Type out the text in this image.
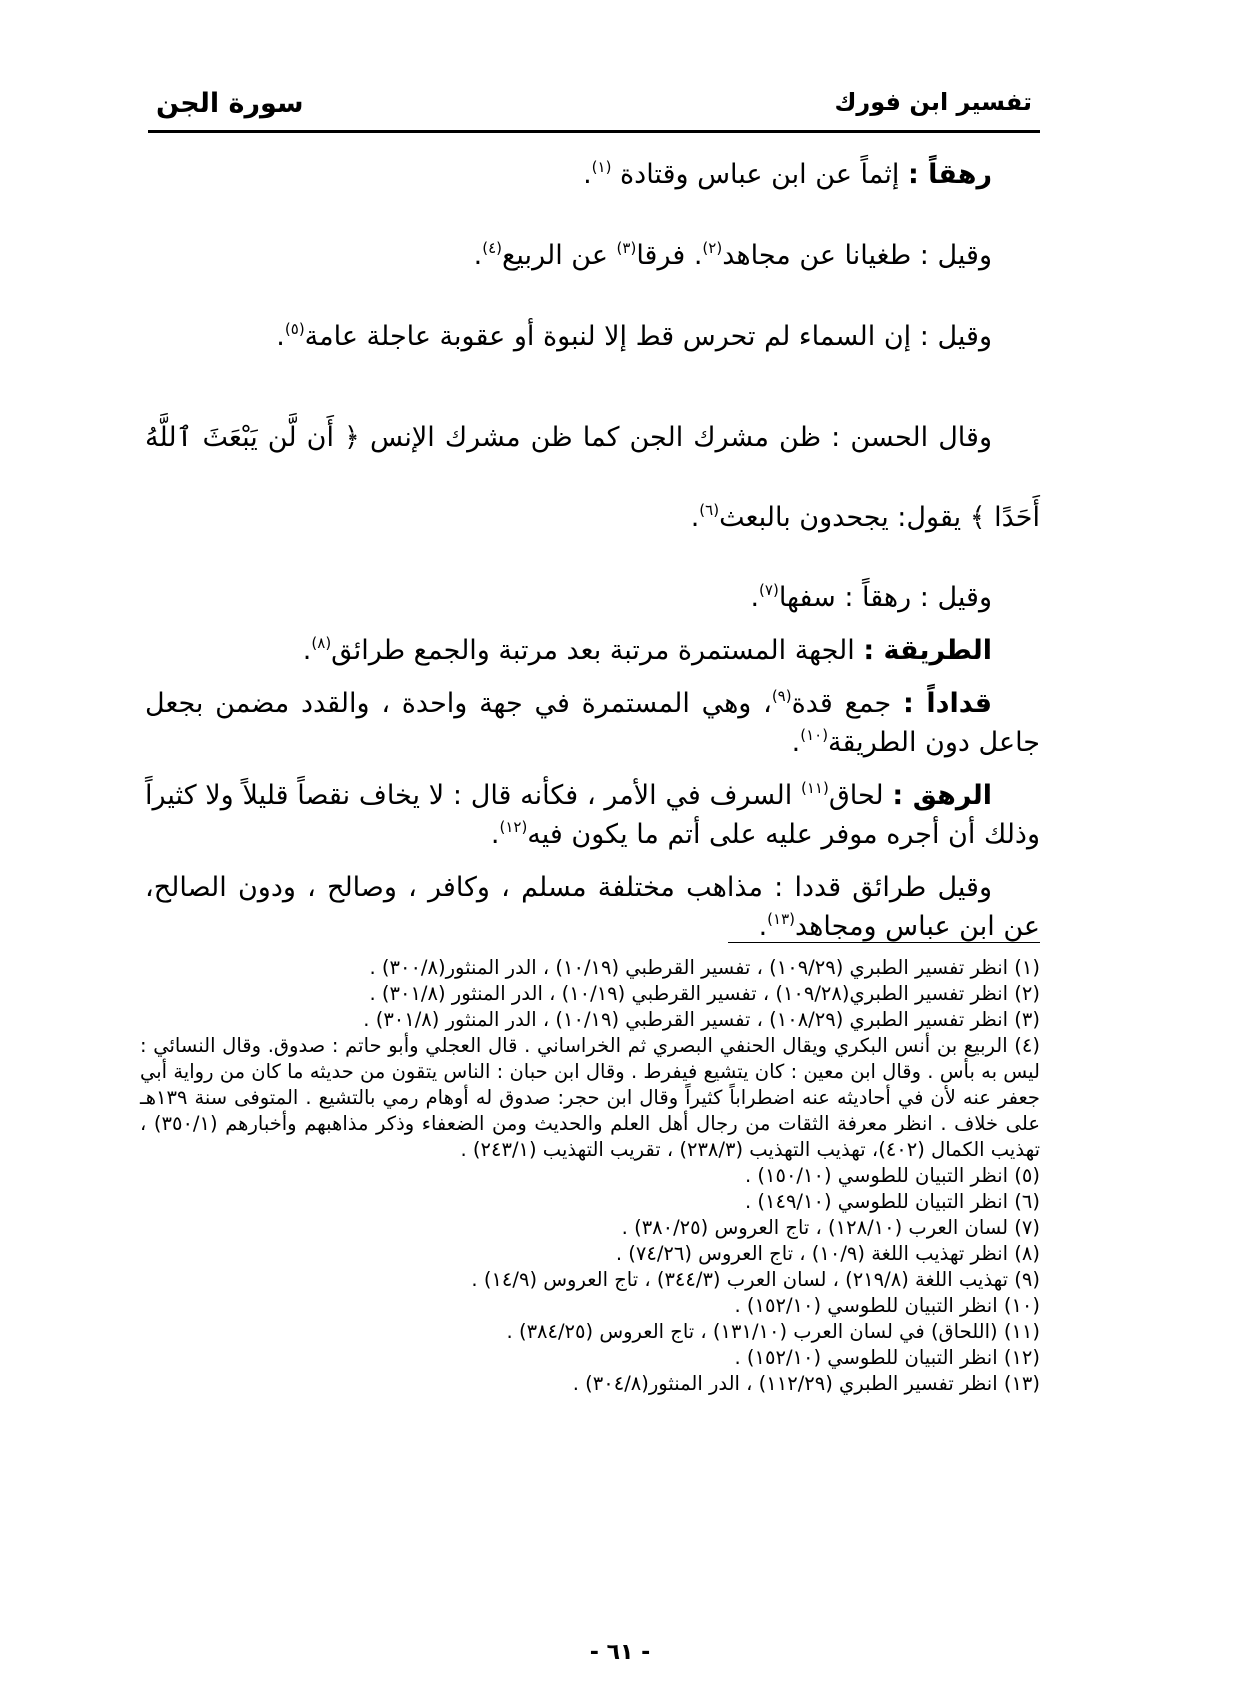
تفسير ابن فورك
سورة الجن

رهقاً : إثماً عن ابن عباس وقتادة $^{(١)}$.

وقيل : طغيانا عن مجاهد$^{(٢)}$. فرقا$^{(٣)}$ عن الربيع$^{(٤)}$.

وقيل : إن السماء لم تحرس قط إلا لنبوة أو عقوبة عاجلة عامة$^{(٥)}$.

وقال الحسن : ظن مشرك الجن كما ظن مشرك الإنس ﴿ أَن لَّن يَبْعَثَ ٱللَّهُ أَحَدًا ﴾ يقول: يجحدون بالبعث$^{(٦)}$.

وقيل : رهقاً : سفها$^{(٧)}$.

الطريقة : الجهة المستمرة مرتبة بعد مرتبة والجمع طرائق$^{(٨)}$.

قداداً : جمع قدة$^{(٩)}$، وهي المستمرة في جهة واحدة ، والقدد مضمن بجعل جاعل دون الطريقة$^{(١٠)}$.

الرهق : لحاق$^{(١١)}$ السرف في الأمر ، فكأنه قال : لا يخاف نقصاً قليلاً ولا كثيراً وذلك أن أجره موفر عليه على أتم ما يكون فيه$^{(١٢)}$.

وقيل طرائق قددا : مذاهب مختلفة مسلم ، وكافر ، وصالح ، ودون الصالح، عن ابن عباس ومجاهد$^{(١٣)}$.

(١) انظر تفسير الطبري (١٠٩/٢٩) ، تفسير القرطبي (١٠/١٩) ، الدر المنثور(٣٠٠/٨) .
(٢) انظر تفسير الطبري(١٠٩/٢٨) ، تفسير القرطبي (١٠/١٩) ، الدر المنثور (٣٠١/٨) .
(٣) انظر تفسير الطبري (١٠٨/٢٩) ، تفسير القرطبي (١٠/١٩) ، الدر المنثور (٣٠١/٨) .
(٤) الربيع بن أنس البكري ويقال الحنفي البصري ثم الخراساني . قال العجلي وأبو حاتم : صدوق. وقال النسائي : ليس به بأس . وقال ابن معين : كان يتشيع فيفرط . وقال ابن حبان : الناس يتقون من حديثه ما كان من رواية أبي جعفر عنه لأن في أحاديثه عنه اضطراباً كثيراً وقال ابن حجر: صدوق له أوهام رمي بالتشيع . المتوفى سنة ١٣٩هـ على خلاف . انظر معرفة الثقات من رجال أهل العلم والحديث ومن الضعفاء وذكر مذاهبهم وأخبارهم (٣٥٠/١) ، تهذيب الكمال (٤٠٢)، تهذيب التهذيب (٢٣٨/٣) ، تقريب التهذيب (٢٤٣/١) .
(٥) انظر التبيان للطوسي (١٥٠/١٠) .
(٦) انظر التبيان للطوسي (١٤٩/١٠) .
(٧) لسان العرب (١٢٨/١٠) ، تاج العروس (٣٨٠/٢٥) .
(٨) انظر تهذيب اللغة (١٠/٩) ، تاج العروس (٧٤/٢٦) .
(٩) تهذيب اللغة (٢١٩/٨) ، لسان العرب (٣٤٤/٣) ، تاج العروس (١٤/٩) .
(١٠) انظر التبيان للطوسي (١٥٢/١٠) .
(١١) (اللحاق) في لسان العرب (١٣١/١٠) ، تاج العروس (٣٨٤/٢٥) .
(١٢) انظر التبيان للطوسي (١٥٢/١٠) .
(١٣) انظر تفسير الطبري (١١٢/٢٩) ، الدر المنثور(٣٠٤/٨) .
- ٦١ -
